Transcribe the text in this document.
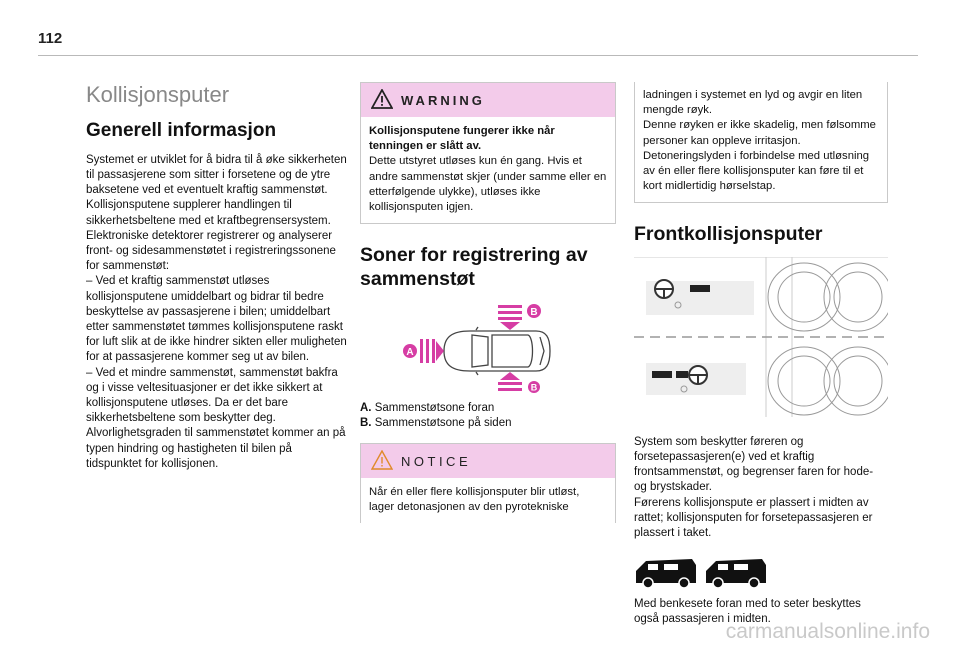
112
Kollisjonsputer
Generell informasjon

Systemet er utviklet for å bidra til å øke sikkerheten til passasjerene som sitter i forsetene og de ytre baksetene ved et eventuelt kraftig sammenstøt. Kollisjonsputene supplerer handlingen til sikkerhetsbeltene med et kraftbegrensersystem.

Elektroniske detektorer registrerer og analyserer front- og sidesammenstøtet i registreringssonene for sammenstøt:

– Ved et kraftig sammenstøt utløses kollisjonsputene umiddelbart og bidrar til bedre beskyttelse av passasjerene i bilen; umiddelbart etter sammenstøtet tømmes kollisjonsputene raskt for luft slik at de ikke hindrer sikten eller muligheten for at passasjerene kommer seg ut av bilen.

– Ved et mindre sammenstøt, sammenstøt bakfra og i visse veltesituasjoner er det ikke sikkert at kollisjonsputene utløses. Da er det bare sikkerhetsbeltene som beskytter deg.

Alvorlighetsgraden til sammenstøtet kommer an på typen hindring og hastigheten til bilen på tidspunktet for kollisjonen.

WARNING
Kollisjonsputene fungerer ikke når tenningen er slått av.
Dette utstyret utløses kun én gang. Hvis et andre sammenstøt skjer (under samme eller en etterfølgende ulykke), utløses ikke kollisjonsputen igjen.
Soner for registrering av sammenstøt
A
B
B
A. Sammenstøtsone foran
B. Sammenstøtsone på siden
NOTICE
Når én eller flere kollisjonsputer blir utløst, lager detonasjonen av den pyrotekniske
ladningen i systemet en lyd og avgir en liten mengde røyk.
Denne røyken er ikke skadelig, men følsomme personer kan oppleve irritasjon.
Detoneringslyden i forbindelse med utløsning av én eller flere kollisjonsputer kan føre til et kort midlertidig hørselstap.
Frontkollisjonsputer

System som beskytter føreren og forsetepassasjeren(e) ved et kraftig frontsammenstøt, og begrenser faren for hode- og brystskader.

Førerens kollisjonspute er plassert i midten av rattet; kollisjonsputen for forsetepassasjeren er plassert i taket.

Med benkesete foran med to seter beskyttes også passasjeren i midten.
carmanualsonline.info
